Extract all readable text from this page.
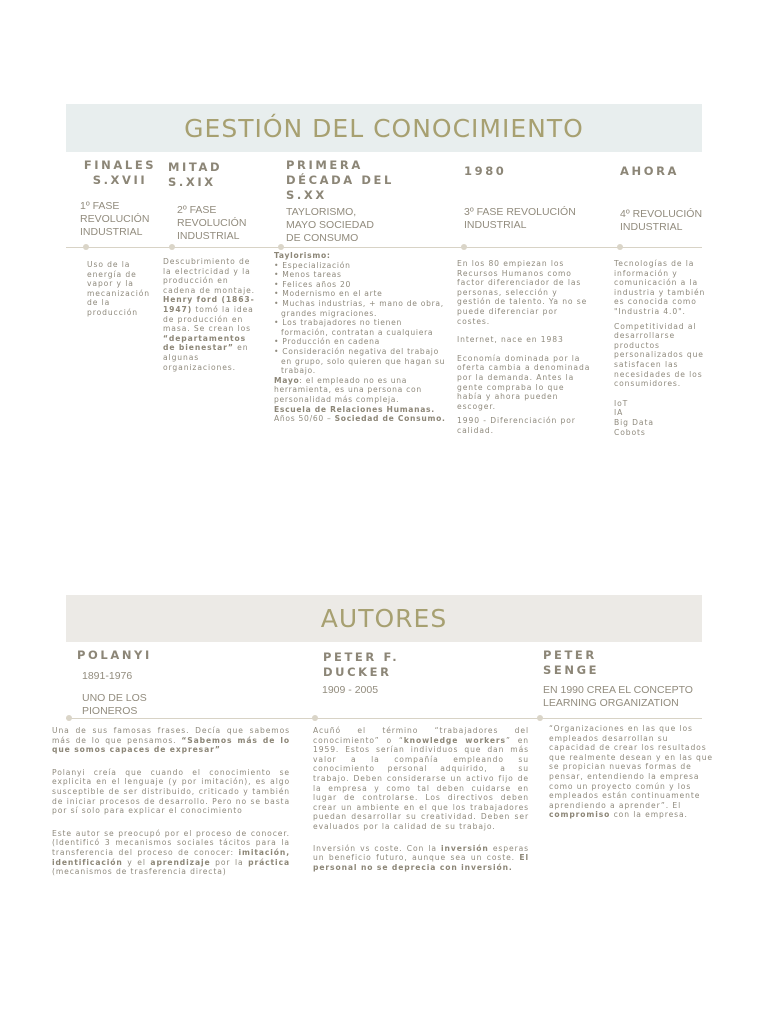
GESTIÓN DEL CONOCIMIENTO
FINALES
S.XVII

1º FASE
REVOLUCIÓN
INDUSTRIAL

MITAD
S.XIX

2º FASE
REVOLUCIÓN
INDUSTRIAL

PRIMERA
DÉCADA DEL
S.XX

TAYLORISMO,
MAYO SOCIEDAD
DE CONSUMO

1980

3º FASE REVOLUCIÓN
INDUSTRIAL

AHORA

4º REVOLUCIÓN
INDUSTRIAL

Uso de la energía de vapor y la mecanización de la producción

Descubrimiento de la electricidad y la producción en cadena de montaje. Henry ford (1863-1947) tomó la idea de producción en masa. Se crean los “departamentos de bienestar” en algunas organizaciones.

Taylorismo:

• Especialización
• Menos tareas
• Felices años 20
• Modernismo en el arte
• Muchas industrias, + mano de obra, grandes migraciones.
• Los trabajadores no tienen formación, contratan a cualquiera
• Producción en cadena
• Consideración negativa del trabajo en grupo, solo quieren que hagan su trabajo.

Mayo: el empleado no es una herramienta, es una persona con personalidad más compleja.

Escuela de Relaciones Humanas.

Años 50/60 – Sociedad de Consumo.

En los 80 empiezan los Recursos Humanos como factor diferenciador de las personas, selección y gestión de talento. Ya no se puede diferenciar por costes.

Internet, nace en 1983

Economía dominada por la oferta cambia a denominada por la demanda. Antes la gente compraba lo que había y ahora pueden escoger.

1990 - Diferenciación por calidad.

Tecnologías de la información y comunicación a la industria y también es conocida como "Industria 4.0".

Competitividad al desarrollarse productos personalizados que satisfacen las necesidades de los consumidores.

IoT

IA

Big Data

Cobots

AUTORES
POLANYI

1891-1976

UNO DE LOS
PIONEROS

PETER F.
DUCKER

1909 - 2005

PETER
SENGE

EN 1990 CREA EL CONCEPTO
LEARNING ORGANIZATION

Una de sus famosas frases. Decía que sabemos más de lo que pensamos. “Sabemos más de lo que somos capaces de expresar”

Polanyi creía que cuando el conocimiento se explicita en el lenguaje (y por imitación), es algo susceptible de ser distribuido, criticado y también de iniciar procesos de desarrollo. Pero no se basta por sí solo para explicar el conocimiento

Este autor se preocupó por el proceso de conocer. (Identificó 3 mecanismos sociales tácitos para la transferencia del proceso de conocer: imitación, identificación y el aprendizaje por la práctica (mecanismos de trasferencia directa)

Acuñó el término “trabajadores del conocimiento” o “knowledge workers” en 1959. Estos serían individuos que dan más valor a la compañía empleando su conocimiento personal adquirido, a su trabajo. Deben considerarse un activo fijo de la empresa y como tal deben cuidarse en lugar de controlarse. Los directivos deben crear un ambiente en el que los trabajadores puedan desarrollar su creatividad. Deben ser evaluados por la calidad de su trabajo.

Inversión vs coste. Con la inversión esperas un beneficio futuro, aunque sea un coste. El personal no se deprecia con inversión.

“Organizaciones en las que los empleados desarrollan su capacidad de crear los resultados que realmente desean y en las que se propician nuevas formas de pensar, entendiendo la empresa como un proyecto común y los empleados están continuamente aprendiendo a aprender”. El compromiso con la empresa.
